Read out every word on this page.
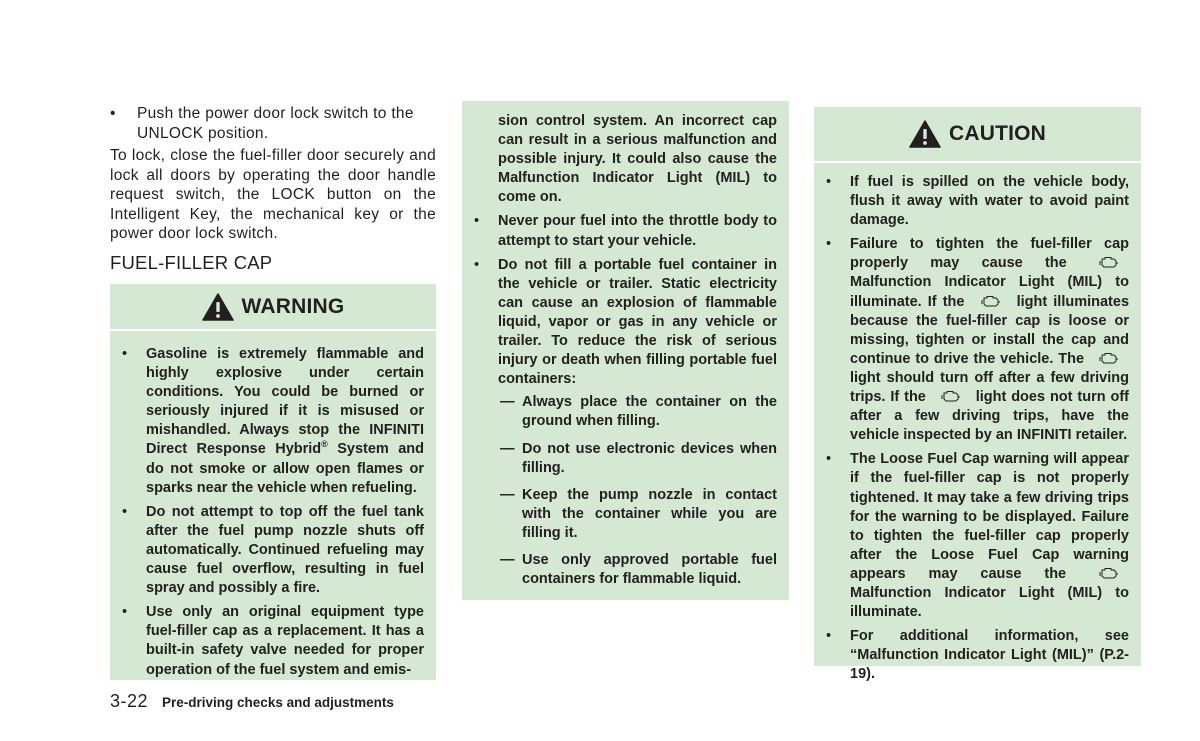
• Push the power door lock switch to the UNLOCK position.
To lock, close the fuel-filler door securely and lock all doors by operating the door handle request switch, the LOCK button on the Intelligent Key, the mechanical key or the power door lock switch.
FUEL-FILLER CAP
WARNING
• Gasoline is extremely flammable and highly explosive under certain conditions. You could be burned or seriously injured if it is misused or mishandled. Always stop the INFINITI Direct Response Hybrid® System and do not smoke or allow open flames or sparks near the vehicle when refueling.
• Do not attempt to top off the fuel tank after the fuel pump nozzle shuts off automatically. Continued refueling may cause fuel overflow, resulting in fuel spray and possibly a fire.
• Use only an original equipment type fuel-filler cap as a replacement. It has a built-in safety valve needed for proper operation of the fuel system and emis-
sion control system. An incorrect cap can result in a serious malfunction and possible injury. It could also cause the Malfunction Indicator Light (MIL) to come on.
• Never pour fuel into the throttle body to attempt to start your vehicle.
• Do not fill a portable fuel container in the vehicle or trailer. Static electricity can cause an explosion of flammable liquid, vapor or gas in any vehicle or trailer. To reduce the risk of serious injury or death when filling portable fuel containers:
— Always place the container on the ground when filling.
— Do not use electronic devices when filling.
— Keep the pump nozzle in contact with the container while you are filling it.
— Use only approved portable fuel containers for flammable liquid.
CAUTION
• If fuel is spilled on the vehicle body, flush it away with water to avoid paint damage.
• Failure to tighten the fuel-filler cap properly may cause the  Malfunction Indicator Light (MIL) to illuminate. If the	light illuminates because the fuel-filler cap is loose or missing, tighten or install the cap and continue to drive the vehicle. The  light should turn off after a few driving trips. If the	light does not turn off after a few driving trips, have the vehicle inspected by an INFINITI retailer.
• The Loose Fuel Cap warning will appear if the fuel-filler cap is not properly tightened. It may take a few driving trips for the warning to be displayed. Failure to tighten the fuel-filler cap properly after the Loose Fuel Cap warning appears may cause the  Malfunction Indicator Light (MIL) to illuminate.
• For additional information, see “Malfunction Indicator Light (MIL)” (P.2-19).
3-22 Pre-driving checks and adjustments
